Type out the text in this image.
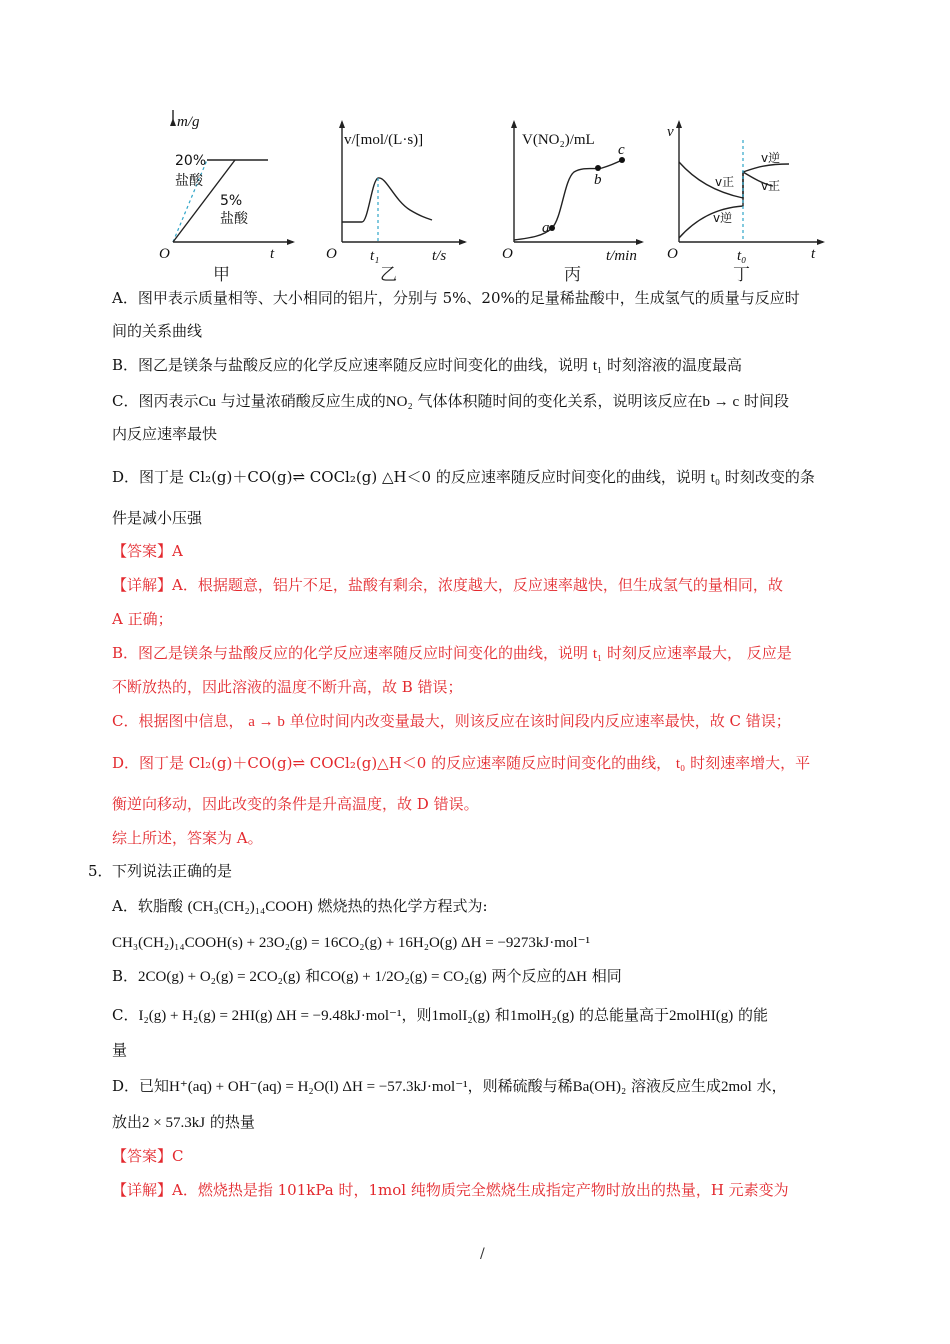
m/g
20%
盐酸
5%
盐酸
O	t
甲
v/[mol/(L·s)]
O t₁	t/s
乙
a
b
c
V(NO₂)/mL
O	t/min
丙
v
v正
v逆
v逆
v正
O	t₀	t
丁
A．图甲表示质量相等、大小相同的铝片，分别与 5%、20%的足量稀盐酸中，生成氢气的质量与反应时
间的关系曲线
B．图乙是镁条与盐酸反应的化学反应速率随反应时间变化的曲线，说明 t₁ 时刻溶液的温度最高
C．图丙表示Cu 与过量浓硝酸反应生成的NO₂ 气体体积随时间的变化关系，说明该反应在b → c 时间段
内反应速率最快
D．图丁是 Cl₂(g)＋CO(g)⇌ COCl₂(g) △H＜0 的反应速率随反应时间变化的曲线，说明 t₀ 时刻改变的条
件是减小压强
【答案】A
【详解】A．根据题意，铝片不足，盐酸有剩余，浓度越大，反应速率越快，但生成氢气的量相同，故
A 正确；
B．图乙是镁条与盐酸反应的化学反应速率随反应时间变化的曲线，说明 t₁ 时刻反应速率最大， 反应是
不断放热的，因此溶液的温度不断升高，故 B 错误；
C．根据图中信息， a → b 单位时间内改变量最大，则该反应在该时间段内反应速率最快，故 C 错误；
D．图丁是 Cl₂(g)＋CO(g)⇌ COCl₂(g)△H＜0 的反应速率随反应时间变化的曲线， t₀ 时刻速率增大，平
衡逆向移动，因此改变的条件是升高温度，故 D 错误。
综上所述，答案为 A。
5． 下列说法正确的是
A．软脂酸 (CH₃(CH₂)₁₄COOH) 燃烧热的热化学方程式为:
CH₃(CH₂)₁₄COOH(s) + 23O₂(g) = 16CO₂(g) + 16H₂O(g) ΔH = −9273kJ·mol⁻¹
B．2CO(g) + O₂(g) = 2CO₂(g) 和CO(g) + 1/2O₂(g) = CO₂(g) 两个反应的ΔH 相同
C．I₂(g) + H₂(g) = 2HI(g) ΔH = −9.48kJ·mol⁻¹，则1molI₂(g) 和1molH₂(g) 的总能量高于2molHI(g) 的能
量
D．已知H⁺(aq) + OH⁻(aq) = H₂O(l) ΔH = −57.3kJ·mol⁻¹，则稀硫酸与稀Ba(OH)₂ 溶液反应生成2mol 水，
放出2 × 57.3kJ 的热量
【答案】C
【详解】A．燃烧热是指 101kPa 时，1mol 纯物质完全燃烧生成指定产物时放出的热量，H 元素变为
/
